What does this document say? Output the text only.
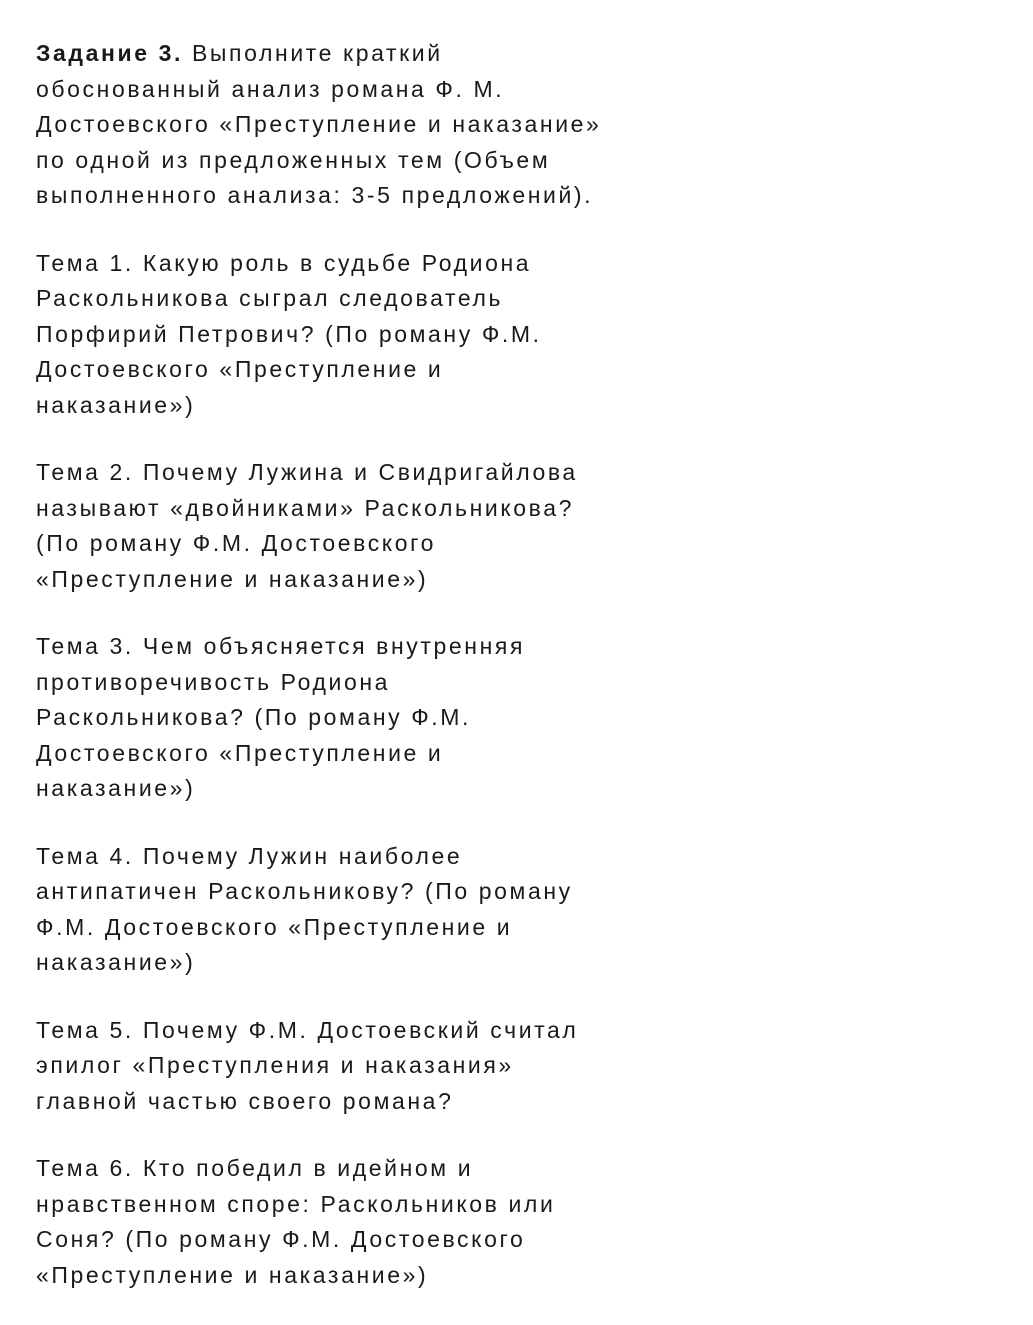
Задание 3. Выполните краткий
обоснованный анализ романа Ф. М.
Достоевского «Преступление и наказание»
по одной из предложенных тем (Объем
выполненного анализа: 3-5 предложений).

Тема 1. Какую роль в судьбе Родиона
Раскольникова сыграл следователь
Порфирий Петрович? (По роману Ф.М.
Достоевского «Преступление и
наказание»)

Тема 2. Почему Лужина и Свидригайлова
называют «двойниками» Раскольникова?
(По роману Ф.М. Достоевского
«Преступление и наказание»)

Тема 3. Чем объясняется внутренняя
противоречивость Родиона
Раскольникова? (По роману Ф.М.
Достоевского «Преступление и
наказание»)

Тема 4. Почему Лужин наиболее
антипатичен Раскольникову? (По роману
Ф.М. Достоевского «Преступление и
наказание»)

Тема 5. Почему Ф.М. Достоевский считал
эпилог «Преступления и наказания»
главной частью своего романа?

Тема 6. Кто победил в идейном и
нравственном споре: Раскольников или
Соня? (По роману Ф.М. Достоевского
«Преступление и наказание»)
